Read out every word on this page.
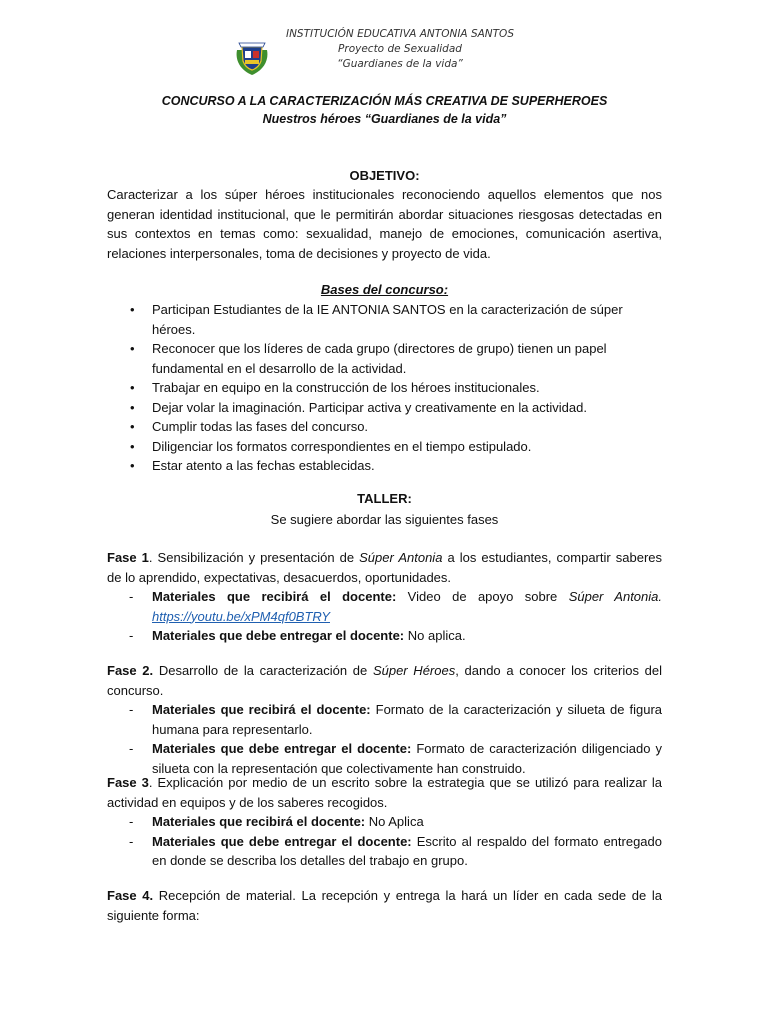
INSTITUCIÓN EDUCATIVA ANTONIA SANTOS
Proyecto de Sexualidad
“Guardianes de la vida”
CONCURSO A LA CARACTERIZACIÓN MÁS CREATIVA DE SUPERHEROES
Nuestros héroes “Guardianes de la vida”
OBJETIVO:
Caracterizar a los súper héroes institucionales reconociendo aquellos elementos que nos generan identidad institucional, que le permitirán abordar situaciones riesgosas detectadas en sus contextos en temas como: sexualidad, manejo de emociones, comunicación asertiva, relaciones interpersonales, toma de decisiones y proyecto de vida.
Bases del concurso:
• Participan Estudiantes de la IE ANTONIA SANTOS en la caracterización de súper héroes.
• Reconocer que los líderes de cada grupo (directores de grupo) tienen un papel fundamental en el desarrollo de la actividad.
• Trabajar en equipo en la construcción de los héroes institucionales.
• Dejar volar la imaginación. Participar activa y creativamente en la actividad.
• Cumplir todas las fases del concurso.
• Diligenciar los formatos correspondientes en el tiempo estipulado.
• Estar atento a las fechas establecidas.
TALLER:
Se sugiere abordar las siguientes fases

Fase 1. Sensibilización y presentación de Súper Antonia a los estudiantes, compartir saberes de lo aprendido, expectativas, desacuerdos, oportunidades.

- Materiales que recibirá el docente: Video de apoyo sobre Súper Antonia. https://youtu.be/xPM4qf0BTRY
- Materiales que debe entregar el docente: No aplica.

Fase 2. Desarrollo de la caracterización de Súper Héroes, dando a conocer los criterios del concurso.

- Materiales que recibirá el docente: Formato de la caracterización y silueta de figura humana para representarlo.
- Materiales que debe entregar el docente: Formato de caracterización diligenciado y silueta con la representación que colectivamente han construido.

Fase 3. Explicación por medio de un escrito sobre la estrategia que se utilizó para realizar la actividad en equipos y de los saberes recogidos.

- Materiales que recibirá el docente: No Aplica
- Materiales que debe entregar el docente: Escrito al respaldo del formato entregado en donde se describa los detalles del trabajo en grupo.

Fase 4. Recepción de material. La recepción y entrega la hará un líder en cada sede de la siguiente forma:
